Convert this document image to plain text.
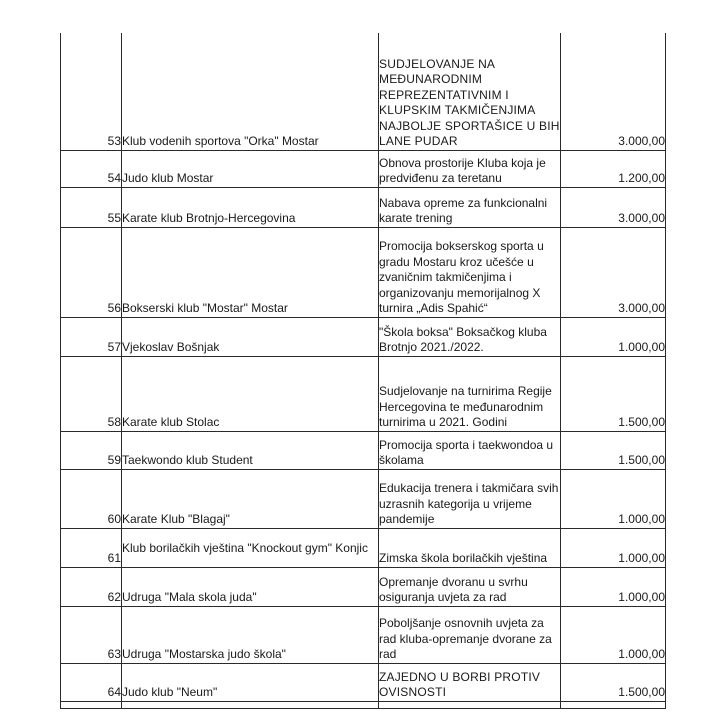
53	Klub vodenih sportova "Orka" Mostar	SUDJELOVANJE NA MEĐUNARODNIM REPREZENTATIVNIM I KLUPSKIM TAKMIČENJIMA NAJBOLJE SPORTAŠICE U BIH LANE PUDAR	3.000,00
54	Judo klub Mostar	Obnova prostorije Kluba koja je predviđenu za teretanu	1.200,00
55	Karate klub Brotnjo-Hercegovina	Nabava opreme za funkcionalni karate trening	3.000,00
56	Bokserski klub "Mostar" Mostar	Promocija bokserskog sporta u gradu Mostaru kroz učešće u zvaničnim takmičenjima i organizovanju memorijalnog X turnira „Adis Spahić“	3.000,00
57	Vjekoslav Bošnjak	"Škola boksa" Boksačkog kluba Brotnjo 2021./2022.	1.000,00
58	Karate klub Stolac	Sudjelovanje na turnirima Regije Hercegovina te međunarodnim turnirima u 2021. Godini	1.500,00
59	Taekwondo klub Student	Promocija sporta i taekwondoa u školama	1.500,00
60	Karate Klub "Blagaj"	Edukacija trenera i takmičara svih uzrasnih kategorija u vrijeme pandemije	1.000,00
61	Klub borilačkih vještina "Knockout gym" Konjic	Zimska škola borilačkih vještina	1.000,00
62	Udruga "Mala skola juda"	Opremanje dvoranu u svrhu osiguranja uvjeta za rad	1.000,00
63	Udruga "Mostarska judo škola"	Poboljšanje osnovnih uvjeta za rad kluba-opremanje dvorane za rad	1.000,00
64	Judo klub "Neum"	ZAJEDNO U BORBI PROTIV OVISNOSTI	1.500,00
